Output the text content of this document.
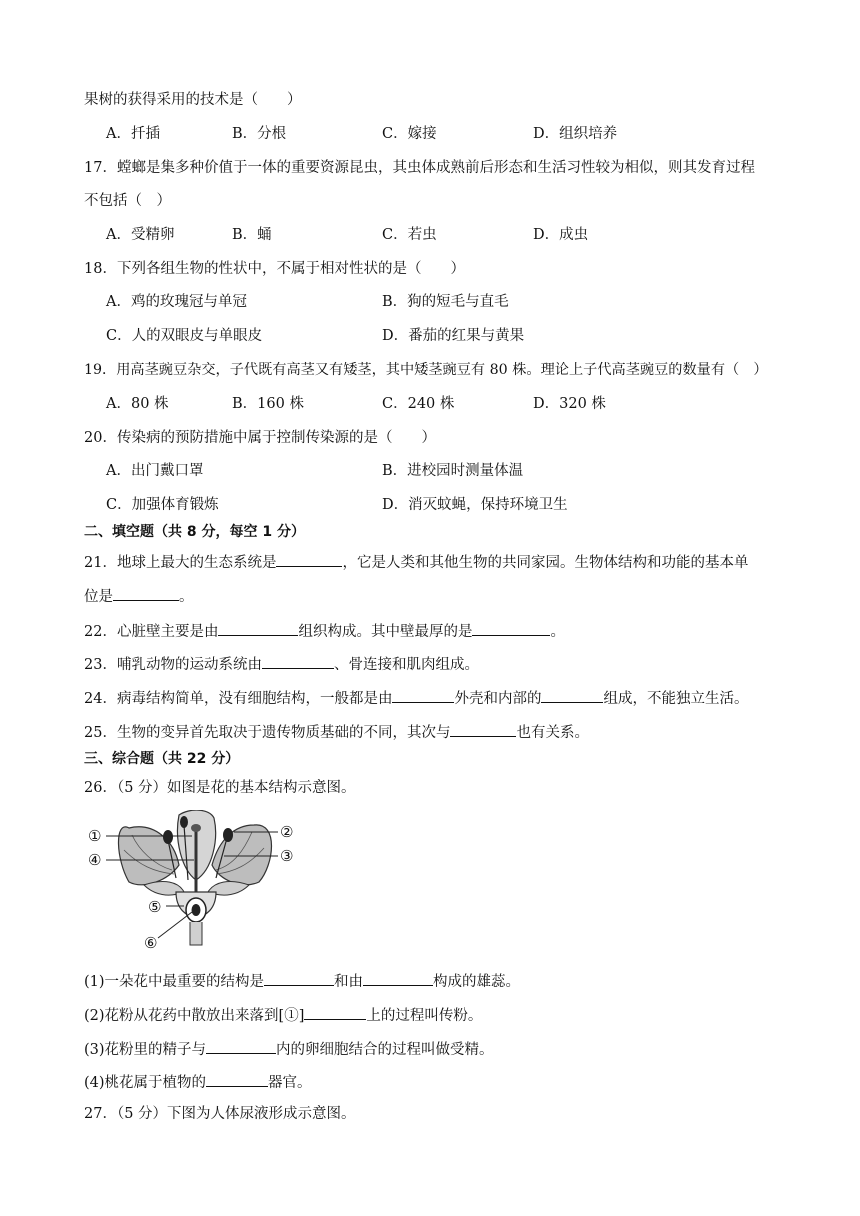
果树的获得采用的技术是（　　）
A．扦插	B．分根	C．嫁接	D．组织培养
17．螳螂是集多种价值于一体的重要资源昆虫，其虫体成熟前后形态和生活习性较为相似，则其发育过程
不包括（　）
A．受精卵	B．蛹	C．若虫	D．成虫
18．下列各组生物的性状中，不属于相对性状的是（　　）
A．鸡的玫瑰冠与单冠	B．狗的短毛与直毛
C．人的双眼皮与单眼皮	D．番茄的红果与黄果
19．用高茎豌豆杂交，子代既有高茎又有矮茎，其中矮茎豌豆有 80 株。理论上子代高茎豌豆的数量有（　）
A．80 株	B．160 株	C．240 株	D．320 株
20．传染病的预防措施中属于控制传染源的是（　　）
A．出门戴口罩	B．进校园时测量体温
C．加强体育锻炼	D．消灭蚊蝇，保持环境卫生
二、填空题（共 8 分，每空 1 分）
21．地球上最大的生态系统是	，它是人类和其他生物的共同家园。生物体结构和功能的基本单
位是	。
22．心脏壁主要是由	组织构成。其中壁最厚的是	。
23．哺乳动物的运动系统由	、骨连接和肌肉组成。
24．病毒结构简单，没有细胞结构，一般都是由	外壳和内部的	组成，不能独立生活。
25．生物的变异首先取决于遗传物质基础的不同，其次与	也有关系。
三、综合题（共 22 分）
26．（5 分）如图是花的基本结构示意图。
①	②
③
④
⑤
⑥
(1)一朵花中最重要的结构是	和由	构成的雄蕊。
(2)花粉从花药中散放出来落到[①]	上的过程叫传粉。
(3)花粉里的精子与	内的卵细胞结合的过程叫做受精。
(4)桃花属于植物的	器官。
27．（5 分）下图为人体尿液形成示意图。
